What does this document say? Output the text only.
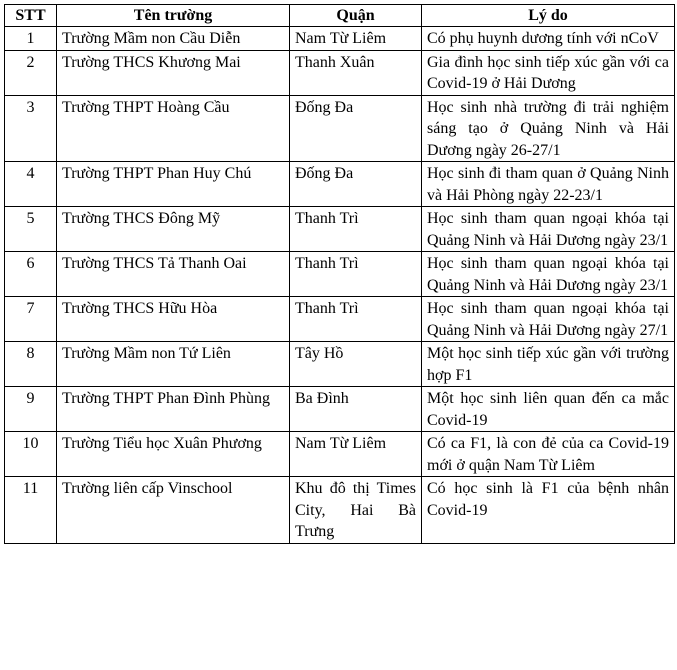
STT	Tên trường	Quận	Lý do
1	Trường Mầm non Cầu Diễn	Nam Từ Liêm	Có phụ huynh dương tính với nCoV
2	Trường THCS Khương Mai	Thanh Xuân	Gia đình học sinh tiếp xúc gần với ca Covid-19 ở Hải Dương
3	Trường THPT Hoàng Cầu	Đống Đa	Học sinh nhà trường đi trải nghiệm sáng tạo ở Quảng Ninh và Hải Dương ngày 26-27/1
4	Trường THPT Phan Huy Chú	Đống Đa	Học sinh đi tham quan ở Quảng Ninh và Hải Phòng ngày 22-23/1
5	Trường THCS Đông Mỹ	Thanh Trì	Học sinh tham quan ngoại khóa tại Quảng Ninh và Hải Dương ngày 23/1
6	Trường THCS Tả Thanh Oai	Thanh Trì	Học sinh tham quan ngoại khóa tại Quảng Ninh và Hải Dương ngày 23/1
7	Trường THCS Hữu Hòa	Thanh Trì	Học sinh tham quan ngoại khóa tại Quảng Ninh và Hải Dương ngày 27/1
8	Trường Mầm non Tứ Liên	Tây Hồ	Một học sinh tiếp xúc gần với trường hợp F1
9	Trường THPT Phan Đình Phùng	Ba Đình	Một học sinh liên quan đến ca mắc Covid-19
10	Trường Tiểu học Xuân Phương	Nam Từ Liêm	Có ca F1, là con đẻ của ca Covid-19 mới ở quận Nam Từ Liêm
11	Trường liên cấp Vinschool	Khu đô thị Times City, Hai Bà Trưng	Có học sinh là F1 của bệnh nhân Covid-19
